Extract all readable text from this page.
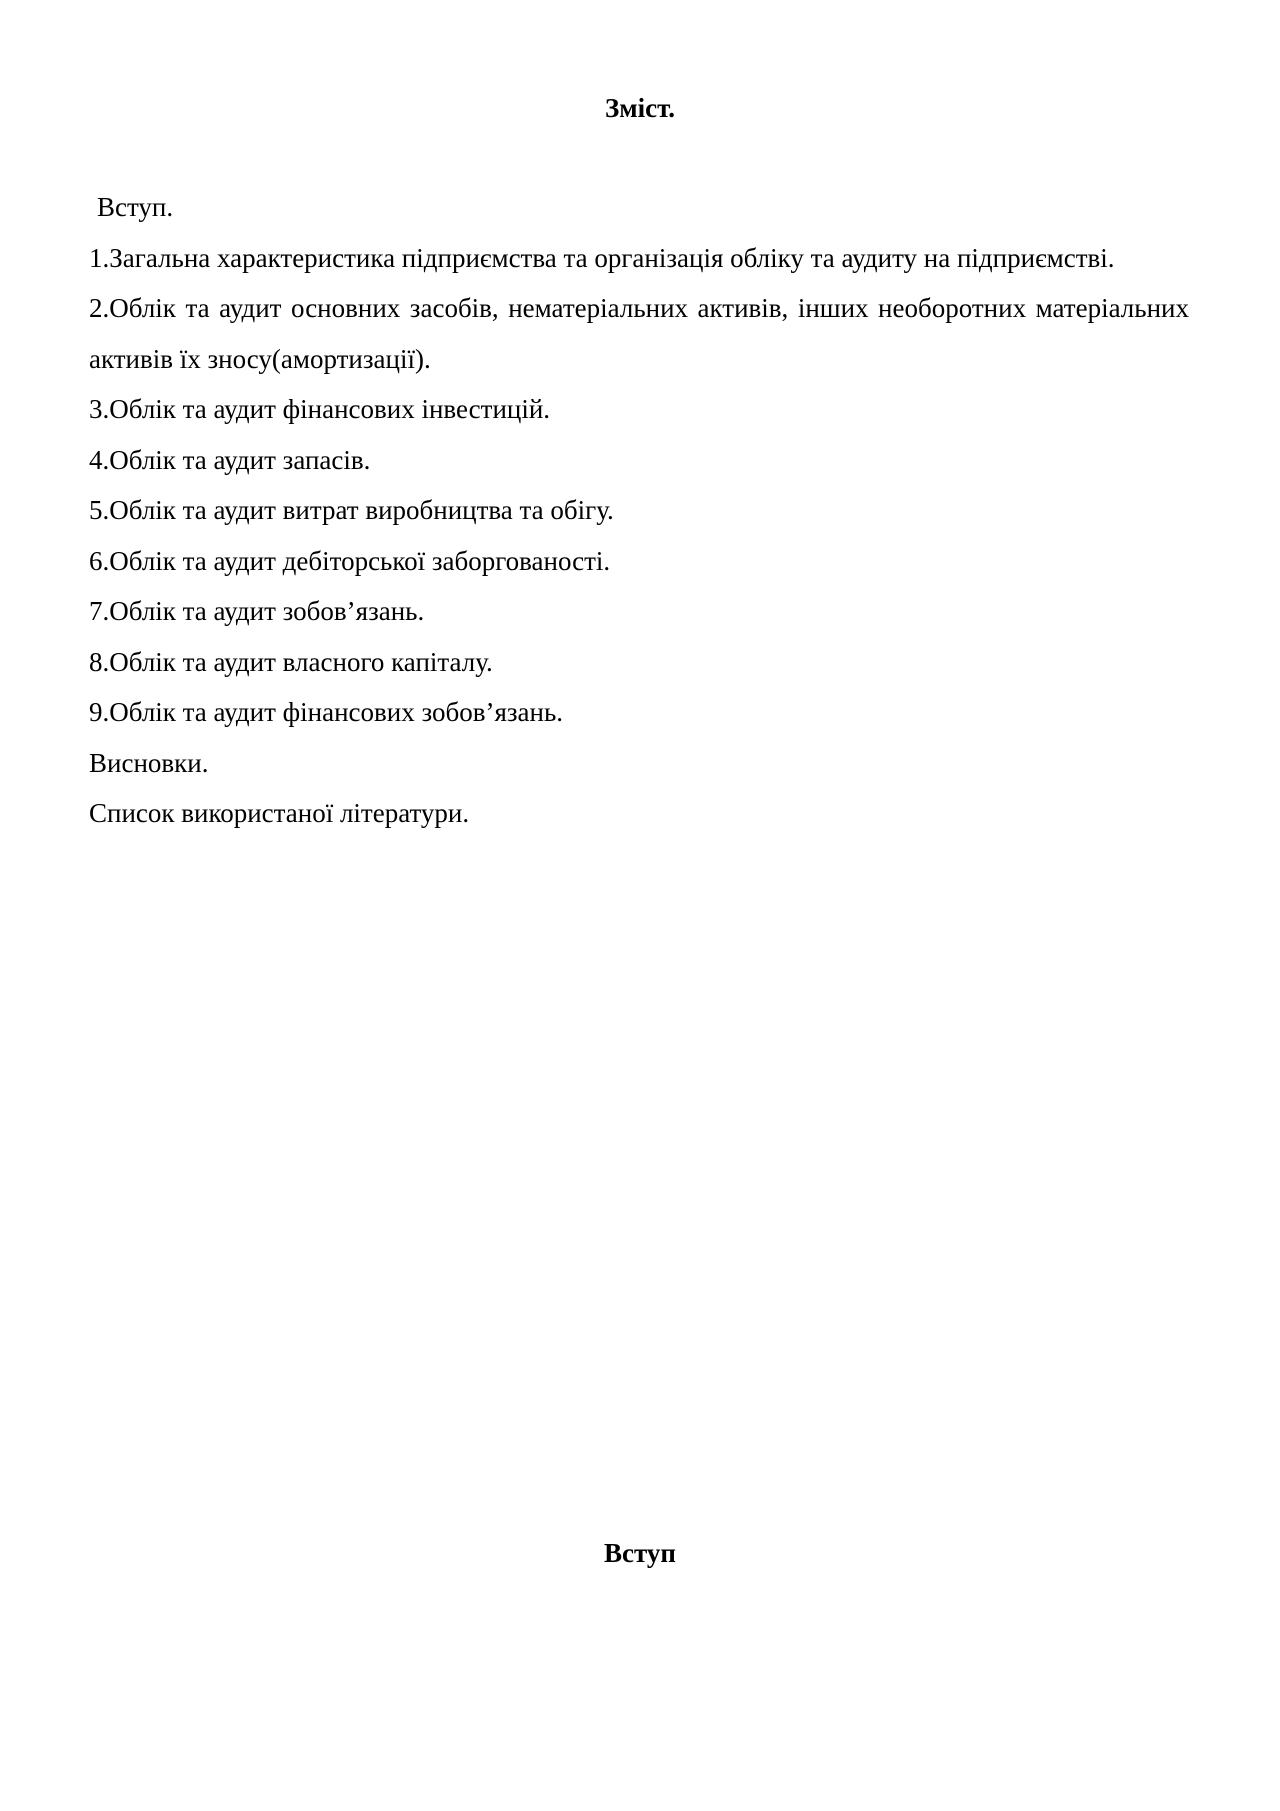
Зміст.
Вступ.
1.Загальна характеристика підприємства та організація обліку та аудиту на підприємстві.
2.Облік та аудит основних засобів, нематеріальних активів, інших необоротних матеріальних активів їх зносу(амортизації).
3.Облік та аудит фінансових інвестицій.
4.Облік та аудит запасів.
5.Облік та аудит витрат виробництва та обігу.
6.Облік та аудит дебіторської заборгованості.
7.Облік та аудит зобов’язань.
8.Облік та аудит власного капіталу.
9.Облік та аудит фінансових зобов’язань.
Висновки.
Список використаної літератури.
Вступ
